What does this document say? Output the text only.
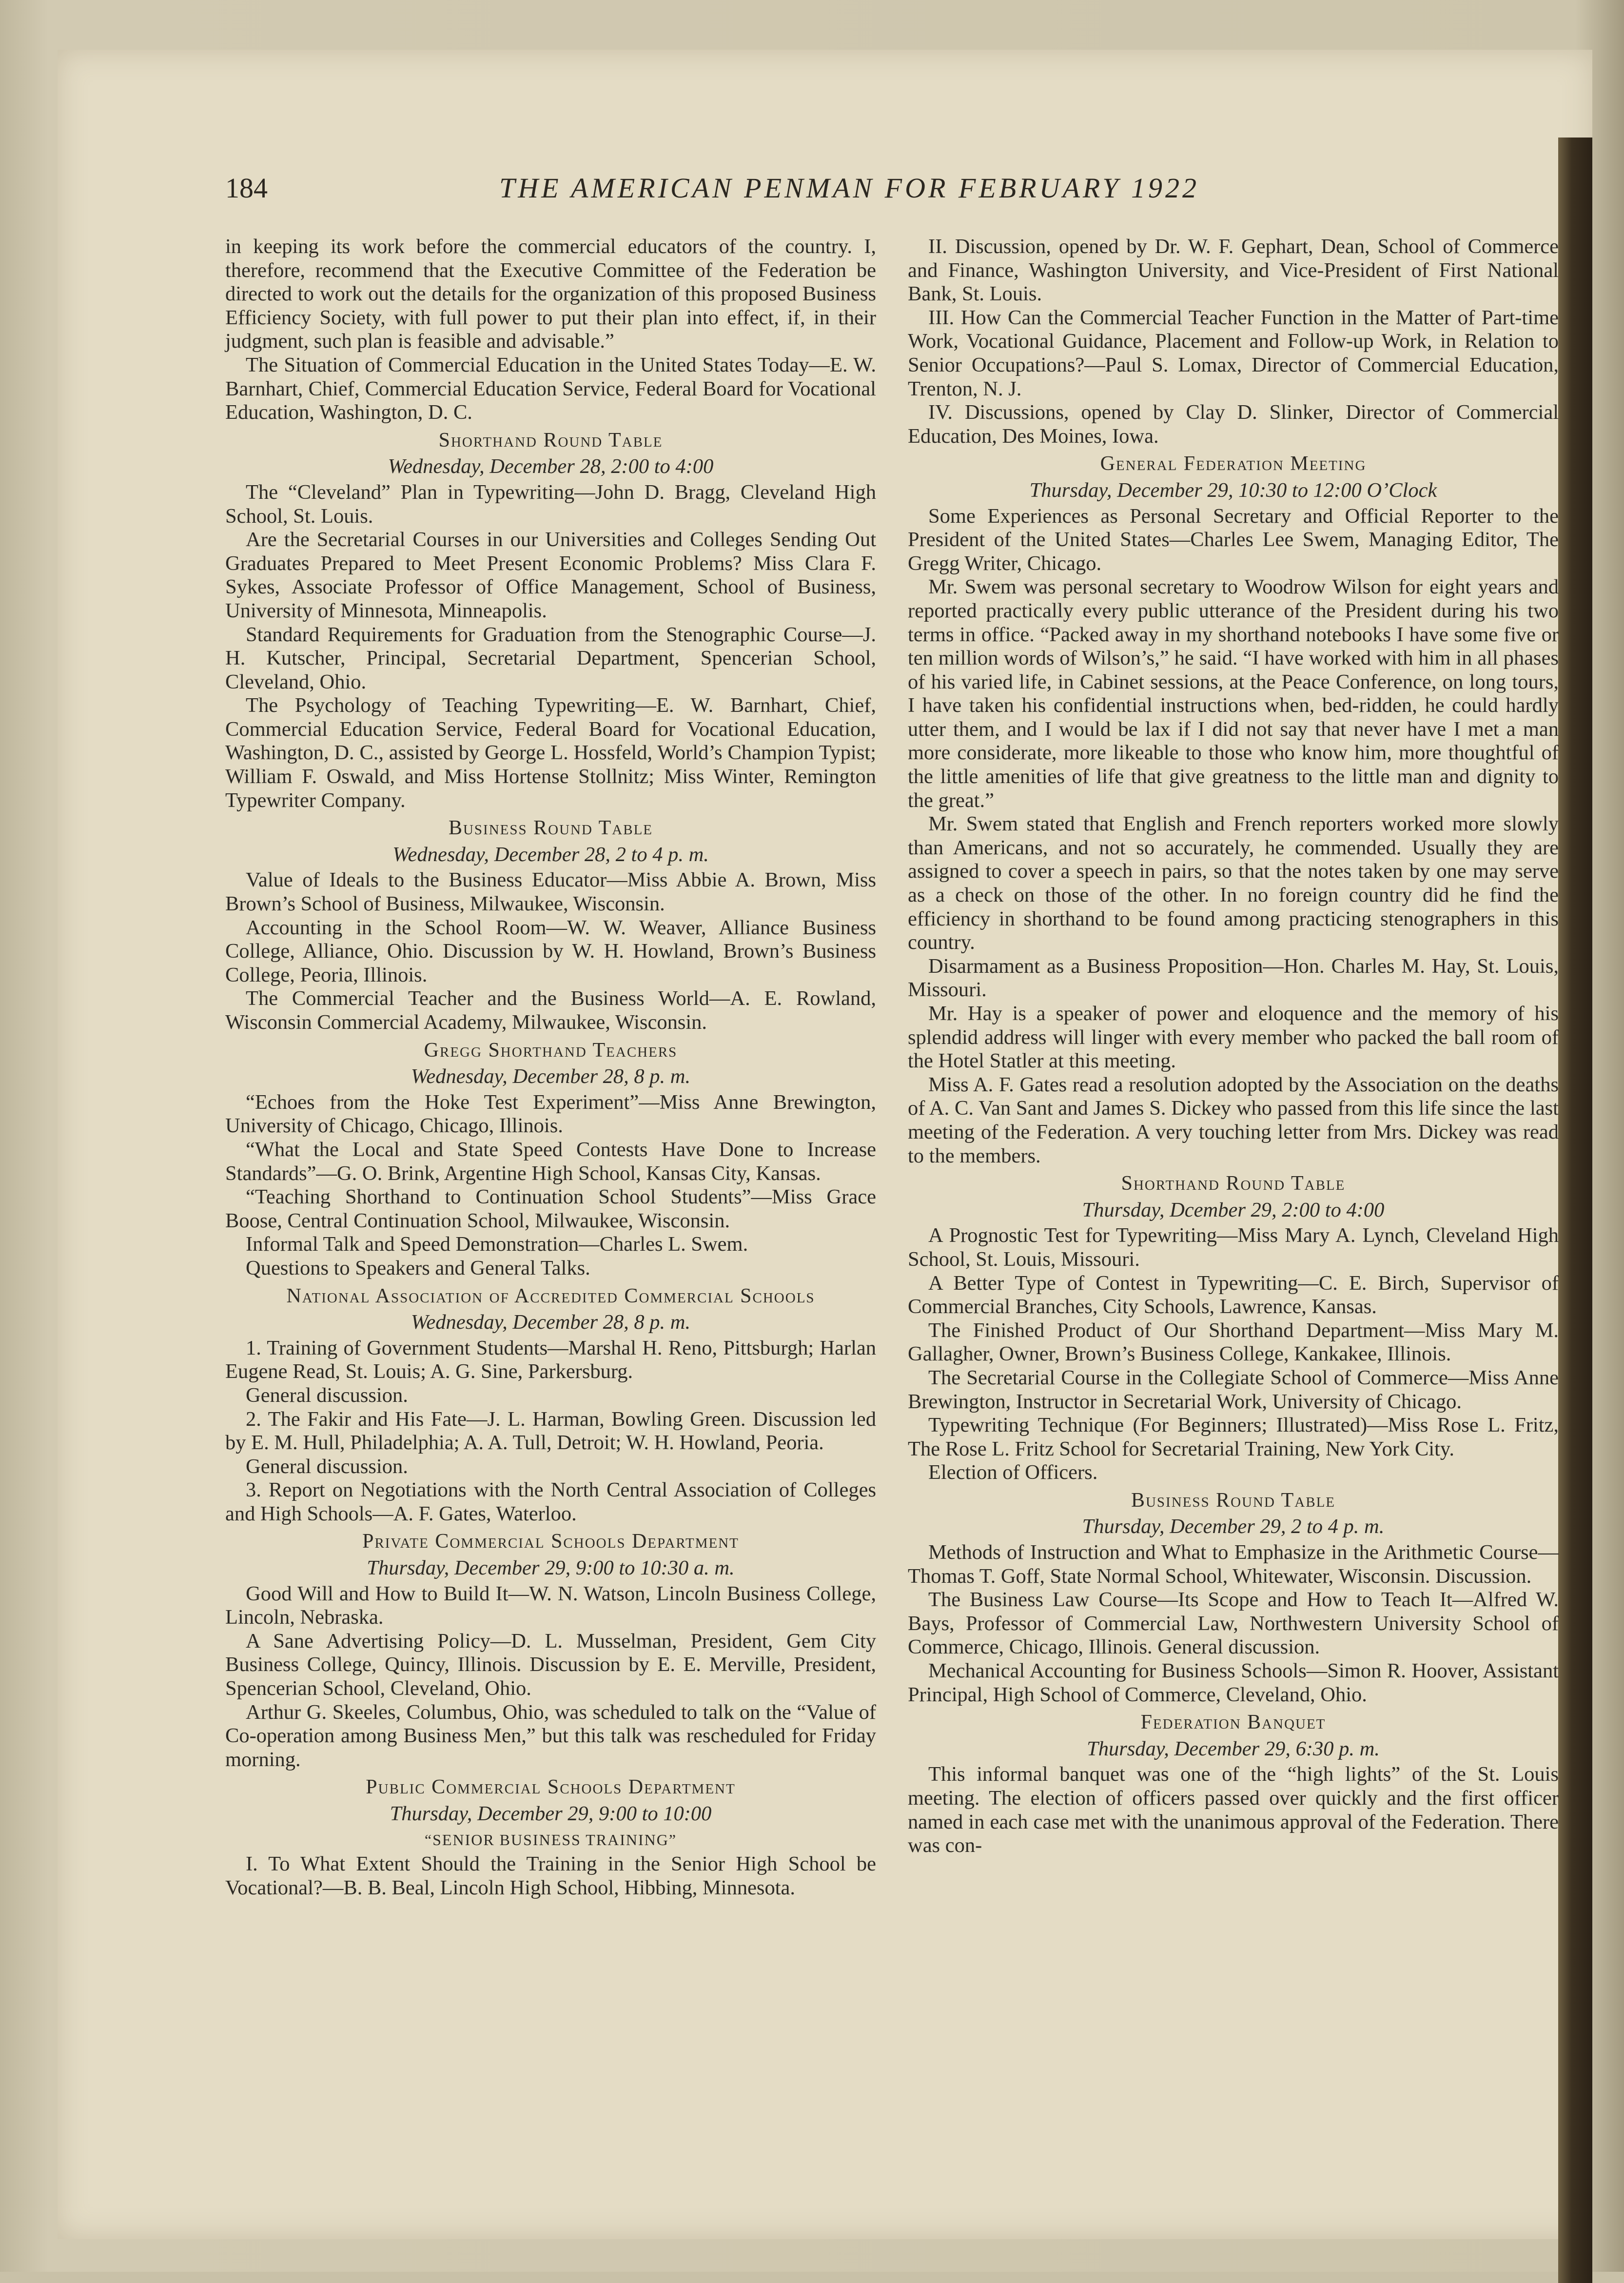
184	THE AMERICAN PENMAN FOR FEBRUARY 1922

in keeping its work before the commercial educators of the country. I, therefore, recommend that the Executive Committee of the Federation be directed to work out the details for the organization of this proposed Business Efficiency Society, with full power to put their plan into effect, if, in their judgment, such plan is feasible and advisable.”

The Situation of Commercial Education in the United States Today—E. W. Barnhart, Chief, Commercial Education Service, Federal Board for Vocational Education, Washington, D. C.

Shorthand Round Table
Wednesday, December 28, 2:00 to 4:00

The “Cleveland” Plan in Typewriting—John D. Bragg, Cleveland High School, St. Louis.

Are the Secretarial Courses in our Universities and Colleges Sending Out Graduates Prepared to Meet Present Economic Problems? Miss Clara F. Sykes, Associate Professor of Office Management, School of Business, University of Minnesota, Minneapolis.

Standard Requirements for Graduation from the Stenographic Course—J. H. Kutscher, Principal, Secretarial Department, Spencerian School, Cleveland, Ohio.

The Psychology of Teaching Typewriting—E. W. Barnhart, Chief, Commercial Education Service, Federal Board for Vocational Education, Washington, D. C., assisted by George L. Hossfeld, World’s Champion Typist; William F. Oswald, and Miss Hortense Stollnitz; Miss Winter, Remington Typewriter Company.

Business Round Table
Wednesday, December 28, 2 to 4 p. m.

Value of Ideals to the Business Educator—Miss Abbie A. Brown, Miss Brown’s School of Business, Milwaukee, Wisconsin.

Accounting in the School Room—W. W. Weaver, Alliance Business College, Alliance, Ohio. Discussion by W. H. Howland, Brown’s Business College, Peoria, Illinois.

The Commercial Teacher and the Business World—A. E. Rowland, Wisconsin Commercial Academy, Milwaukee, Wisconsin.

Gregg Shorthand Teachers
Wednesday, December 28, 8 p. m.

“Echoes from the Hoke Test Experiment”—Miss Anne Brewington, University of Chicago, Chicago, Illinois.

“What the Local and State Speed Contests Have Done to Increase Standards”—G. O. Brink, Argentine High School, Kansas City, Kansas.

“Teaching Shorthand to Continuation School Students”—Miss Grace Boose, Central Continuation School, Milwaukee, Wisconsin.

Informal Talk and Speed Demonstration—Charles L. Swem.

Questions to Speakers and General Talks.

National Association of Accredited Commercial Schools
Wednesday, December 28, 8 p. m.

1. Training of Government Students—Marshal H. Reno, Pittsburgh; Harlan Eugene Read, St. Louis; A. G. Sine, Parkersburg.

General discussion.

2. The Fakir and His Fate—J. L. Harman, Bowling Green. Discussion led by E. M. Hull, Philadelphia; A. A. Tull, Detroit; W. H. Howland, Peoria.

General discussion.

3. Report on Negotiations with the North Central Association of Colleges and High Schools—A. F. Gates, Waterloo.

Private Commercial Schools Department
Thursday, December 29, 9:00 to 10:30 a. m.

Good Will and How to Build It—W. N. Watson, Lincoln Business College, Lincoln, Nebraska.

A Sane Advertising Policy—D. L. Musselman, President, Gem City Business College, Quincy, Illinois. Discussion by E. E. Merville, President, Spencerian School, Cleveland, Ohio.

Arthur G. Skeeles, Columbus, Ohio, was scheduled to talk on the “Value of Co-operation among Business Men,” but this talk was rescheduled for Friday morning.

Public Commercial Schools Department
Thursday, December 29, 9:00 to 10:00
“SENIOR BUSINESS TRAINING”

I. To What Extent Should the Training in the Senior High School be Vocational?—B. B. Beal, Lincoln High School, Hibbing, Minnesota.

II. Discussion, opened by Dr. W. F. Gephart, Dean, School of Commerce and Finance, Washington University, and Vice-President of First National Bank, St. Louis.

III. How Can the Commercial Teacher Function in the Matter of Part-time Work, Vocational Guidance, Placement and Follow-up Work, in Relation to Senior Occupations?—Paul S. Lomax, Director of Commercial Education, Trenton, N. J.

IV. Discussions, opened by Clay D. Slinker, Director of Commercial Education, Des Moines, Iowa.

General Federation Meeting
Thursday, December 29, 10:30 to 12:00 O’Clock

Some Experiences as Personal Secretary and Official Reporter to the President of the United States—Charles Lee Swem, Managing Editor, The Gregg Writer, Chicago.

Mr. Swem was personal secretary to Woodrow Wilson for eight years and reported practically every public utterance of the President during his two terms in office. “Packed away in my shorthand notebooks I have some five or ten million words of Wilson’s,” he said. “I have worked with him in all phases of his varied life, in Cabinet sessions, at the Peace Conference, on long tours, I have taken his confidential instructions when, bed-ridden, he could hardly utter them, and I would be lax if I did not say that never have I met a man more considerate, more likeable to those who know him, more thoughtful of the little amenities of life that give greatness to the little man and dignity to the great.”

Mr. Swem stated that English and French reporters worked more slowly than Americans, and not so accurately, he commended. Usually they are assigned to cover a speech in pairs, so that the notes taken by one may serve as a check on those of the other. In no foreign country did he find the efficiency in shorthand to be found among practicing stenographers in this country.

Disarmament as a Business Proposition—Hon. Charles M. Hay, St. Louis, Missouri.

Mr. Hay is a speaker of power and eloquence and the memory of his splendid address will linger with every member who packed the ball room of the Hotel Statler at this meeting.

Miss A. F. Gates read a resolution adopted by the Association on the deaths of A. C. Van Sant and James S. Dickey who passed from this life since the last meeting of the Federation. A very touching letter from Mrs. Dickey was read to the members.

Shorthand Round Table
Thursday, Dcember 29, 2:00 to 4:00

A Prognostic Test for Typewriting—Miss Mary A. Lynch, Cleveland High School, St. Louis, Missouri.

A Better Type of Contest in Typewriting—C. E. Birch, Supervisor of Commercial Branches, City Schools, Lawrence, Kansas.

The Finished Product of Our Shorthand Department—Miss Mary M. Gallagher, Owner, Brown’s Business College, Kankakee, Illinois.

The Secretarial Course in the Collegiate School of Commerce—Miss Anne Brewington, Instructor in Secretarial Work, University of Chicago.

Typewriting Technique (For Beginners; Illustrated)—Miss Rose L. Fritz, The Rose L. Fritz School for Secretarial Training, New York City.

Election of Officers.

Business Round Table
Thursday, December 29, 2 to 4 p. m.

Methods of Instruction and What to Emphasize in the Arithmetic Course—Thomas T. Goff, State Normal School, Whitewater, Wisconsin. Discussion.

The Business Law Course—Its Scope and How to Teach It—Alfred W. Bays, Professor of Commercial Law, Northwestern University School of Commerce, Chicago, Illinois. General discussion.

Mechanical Accounting for Business Schools—Simon R. Hoover, Assistant Principal, High School of Commerce, Cleveland, Ohio.

Federation Banquet
Thursday, December 29, 6:30 p. m.

This informal banquet was one of the “high lights” of the St. Louis meeting. The election of officers passed over quickly and the first officer named in each case met with the unanimous approval of the Federation. There was con-
